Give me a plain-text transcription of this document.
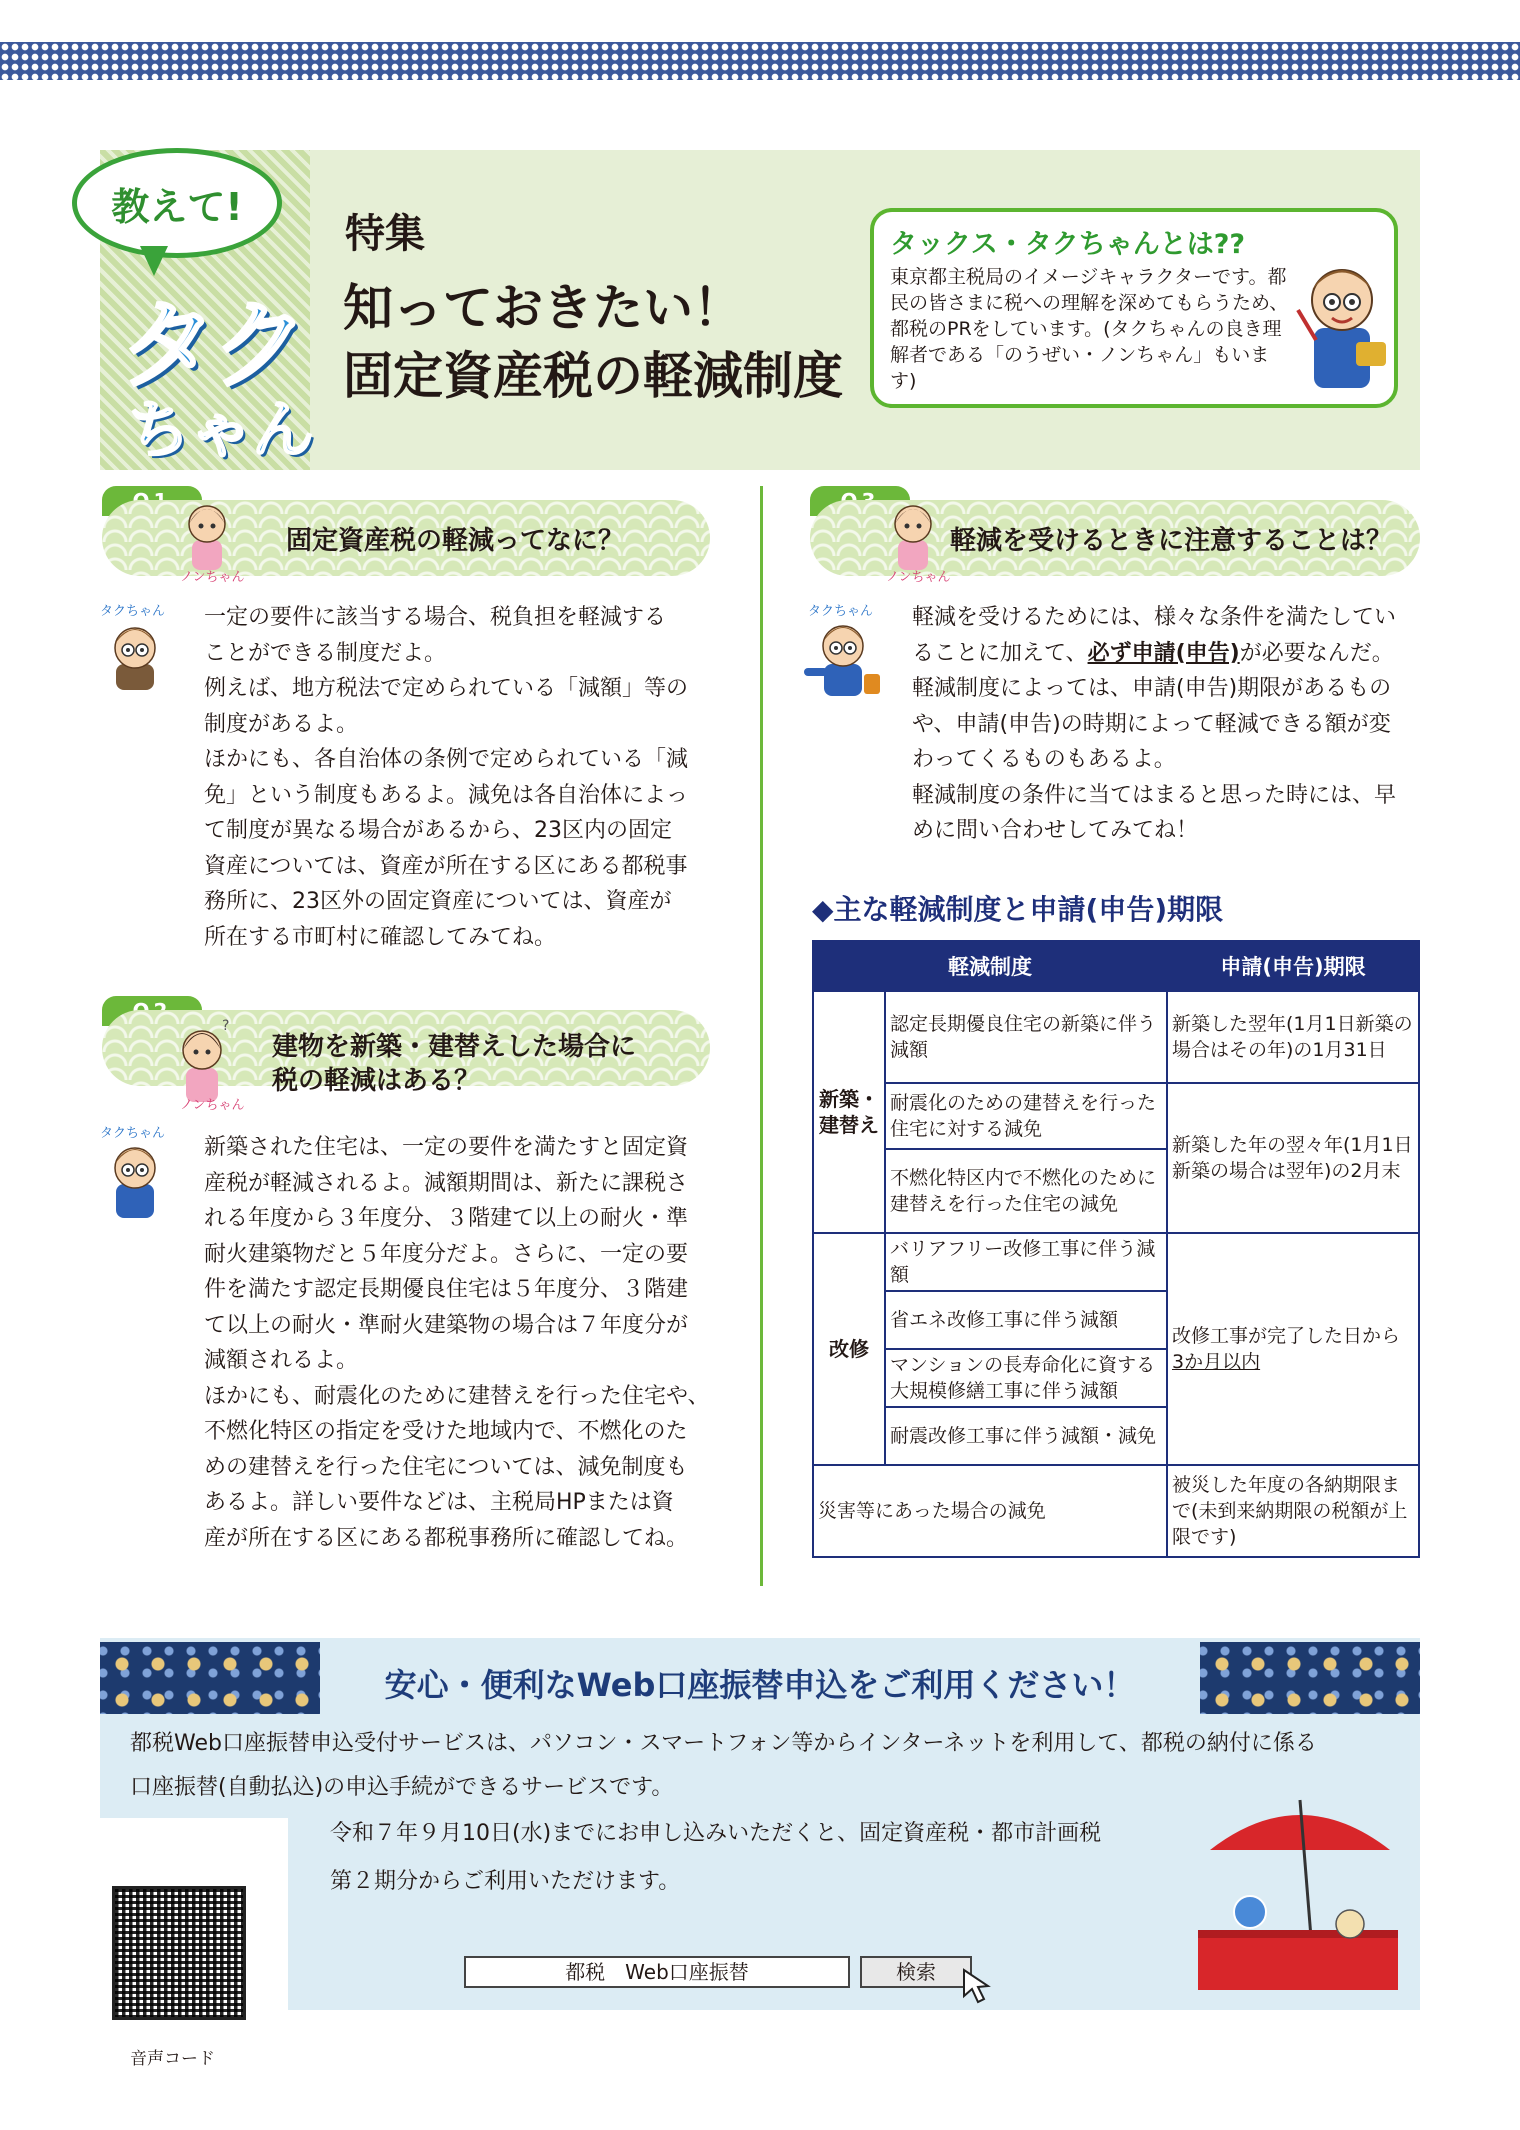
教えて!
タク
ちゃん
特集
知っておきたい！
固定資産税の軽減制度
タックス・タクちゃんとは??
東京都主税局のイメージキャラクターです。都民の皆さまに税への理解を深めてもらうため、都税のPRをしています。(タクちゃんの良き理解者である「のうぜい・ノンちゃん」もいます)
ノンちゃん
固定資産税の軽減ってなに？
タクちゃん 一定の要件に該当する場合、税負担を軽減する
ことができる制度だよ。
例えば、地方税法で定められている「減額」等の
制度があるよ。
ほかにも、各自治体の条例で定められている「減
免」という制度もあるよ。減免は各自治体によっ
て制度が異なる場合があるから、23区内の固定
資産については、資産が所在する区にある都税事
務所に、23区外の固定資産については、資産が
所在する市町村に確認してみてね。
?
ノンちゃん
建物を新築・建替えした場合に
税の軽減はある？
タクちゃん
新築された住宅は、一定の要件を満たすと固定資
産税が軽減されるよ。減額期間は、新たに課税さ
れる年度から３年度分、３階建て以上の耐火・準
耐火建築物だと５年度分だよ。さらに、一定の要
件を満たす認定長期優良住宅は５年度分、３階建
て以上の耐火・準耐火建築物の場合は７年度分が
減額されるよ。
ほかにも、耐震化のために建替えを行った住宅や、
不燃化特区の指定を受けた地域内で、不燃化のた
めの建替えを行った住宅については、減免制度も
あるよ。詳しい要件などは、主税局HPまたは資
産が所在する区にある都税事務所に確認してね。
ノンちゃん
軽減を受けるときに注意することは？
タクちゃん 軽減を受けるためには、様々な条件を満たしてい
ることに加えて、必ず申請(申告)が必要なんだ。
軽減制度によっては、申請(申告)期限があるもの
や、申請(申告)の時期によって軽減できる額が変
わってくるものもあるよ。
軽減制度の条件に当てはまると思った時には、早
めに問い合わせしてみてね！
◆主な軽減制度と申請(申告)期限
軽減制度		申請(申告)期限
新築・建替え	認定長期優良住宅の新築に伴う減額	新築した翌年(1月1日新築の場合はその年)の1月31日
	耐震化のための建替えを行った住宅に対する減免	新築した年の翌々年(1月1日新築の場合は翌年)の2月末
	不燃化特区内で不燃化のために建替えを行った住宅の減免	
改修	バリアフリー改修工事に伴う減額	改修工事が完了した日から
3か月以内
	省エネ改修工事に伴う減額	
	マンションの長寿命化に資する大規模修繕工事に伴う減額	
	耐震改修工事に伴う減額・減免	
災害等にあった場合の減免		被災した年度の各納期限まで(未到来納期限の税額が上限です)
安心・便利なWeb口座振替申込をご利用ください！
都税Web口座振替申込受付サービスは、パソコン・スマートフォン等からインターネットを利用して、都税の納付に係る
口座振替(自動払込)の申込手続ができるサービスです。
令和７年９月10日(水)までにお申し込みいただくと、固定資産税・都市計画税
第２期分からご利用いただけます。
都税　Web口座振替	検索
音声コード
